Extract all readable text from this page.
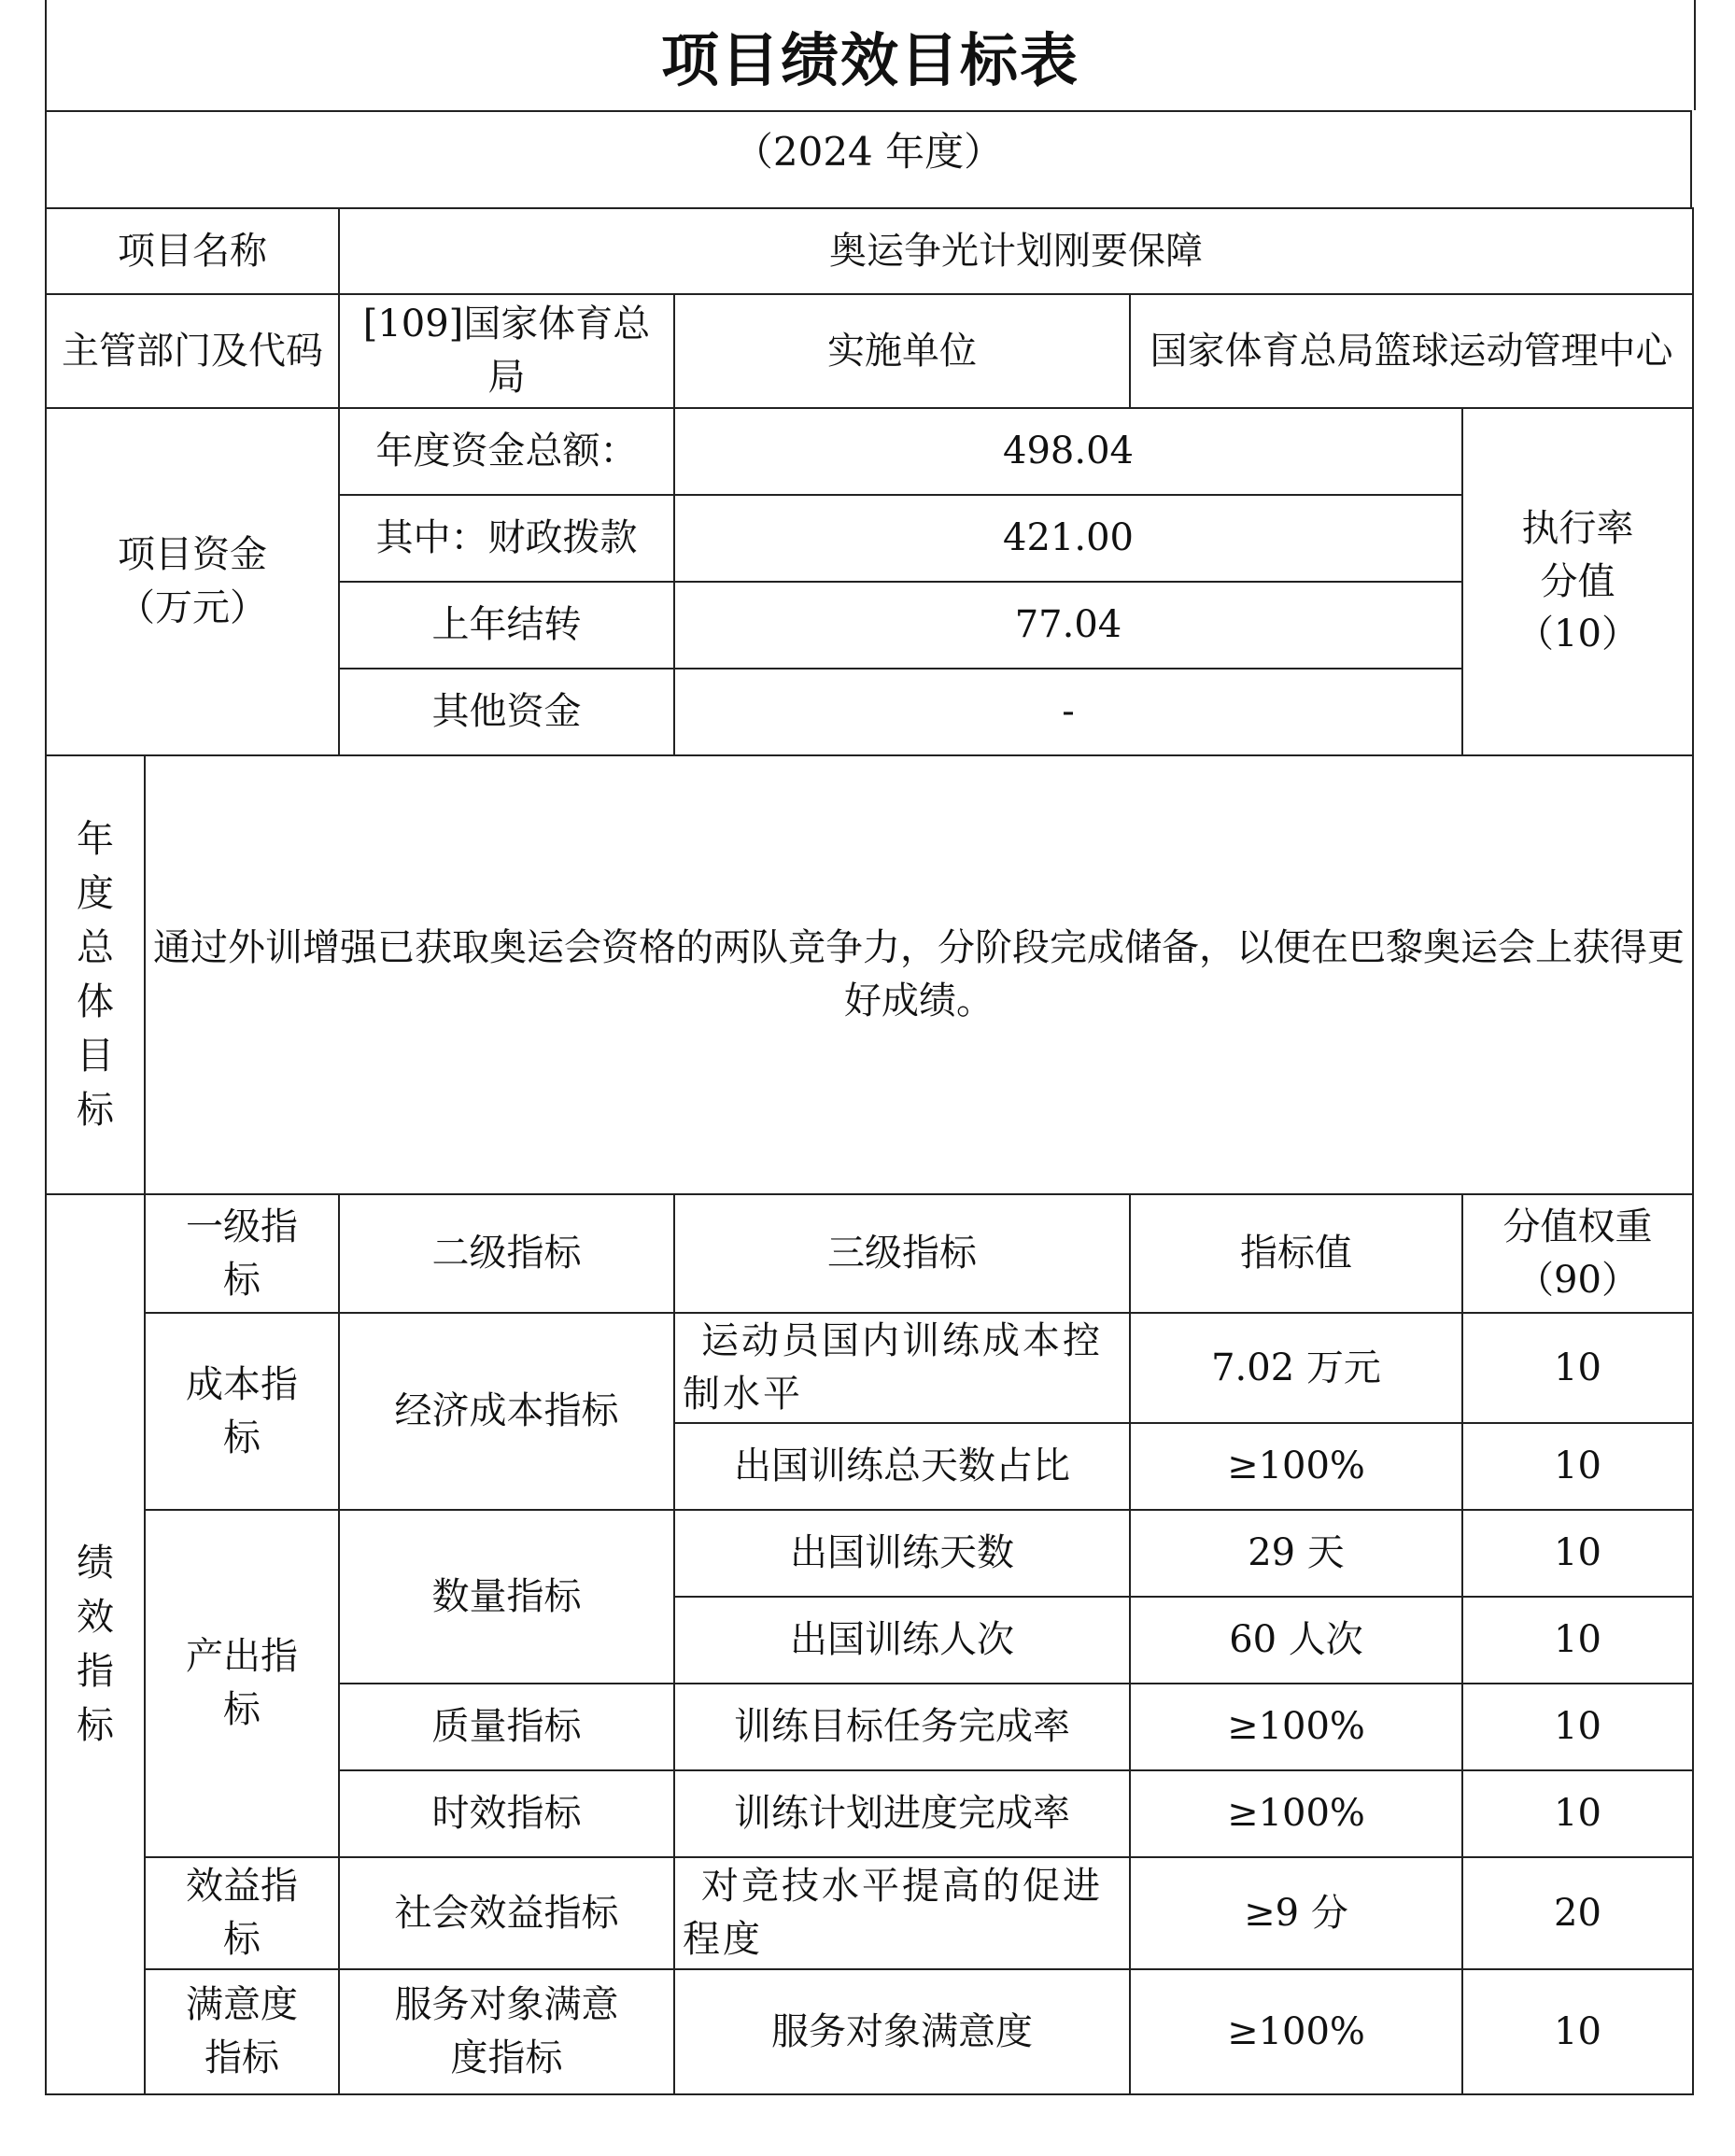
项目绩效目标表
（2024 年度）
项目名称		奥运争光计划刚要保障			
主管部门及代码		[109]国家体育总局	实施单位	国家体育总局篮球运动管理中心	
项目资金（万元）		年度资金总额：	498.04		执行率分值（10）
		其中：财政拨款	421.00		
		上年结转	77.04		
		其他资金	-		

年度总体目标	通过外训增强已获取奥运会资格的两队竞争力，分阶段完成储备，以便在巴黎奥运会上获得更好成绩。				

绩效指标	一级指标	二级指标	三级指标	指标值	分值权重（90）
	成本指标	经济成本指标	运动员国内训练成本控制水平	7.02 万元	10
			出国训练总天数占比	≥100%	10
	产出指标	数量指标	出国训练天数	29 天	10
			出国训练人次	60 人次	10
		质量指标	训练目标任务完成率	≥100%	10
		时效指标	训练计划进度完成率	≥100%	10
	效益指标	社会效益指标	对竞技水平提高的促进程度	≥9 分	20
	满意度指标	服务对象满意度指标	服务对象满意度	≥100%	10
